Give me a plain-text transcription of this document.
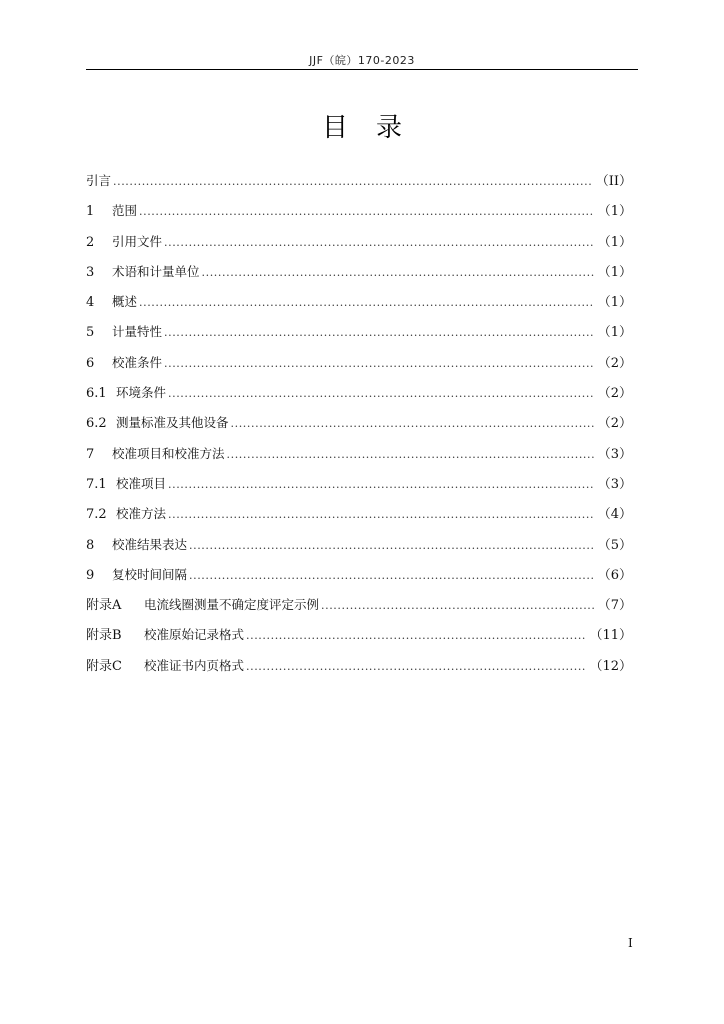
JJF（皖）170-2023
目录
引言 .....	（II）
1	范围 .....	（1）
2	引用文件 .....	（1）
3	术语和计量单位 .....	（1）
4	概述 .....	（1）
5	计量特性 .....	（1）
6	校准条件 .....	（2）
6.1 环境条件 .....	（2）
6.2 测量标准及其他设备 .....	（2）
7	校准项目和校准方法 .....	（3）
7.1 校准项目 .....	（3）
7.2 校准方法 .....	（4）
8	校准结果表达 .....	（5）
9	复校时间间隔 .....	（6）
附录A	电流线圈测量不确定度评定示例 .....	（7）
附录B	校准原始记录格式 .....	（11）
附录C	校准证书内页格式 .....	（12）
I
